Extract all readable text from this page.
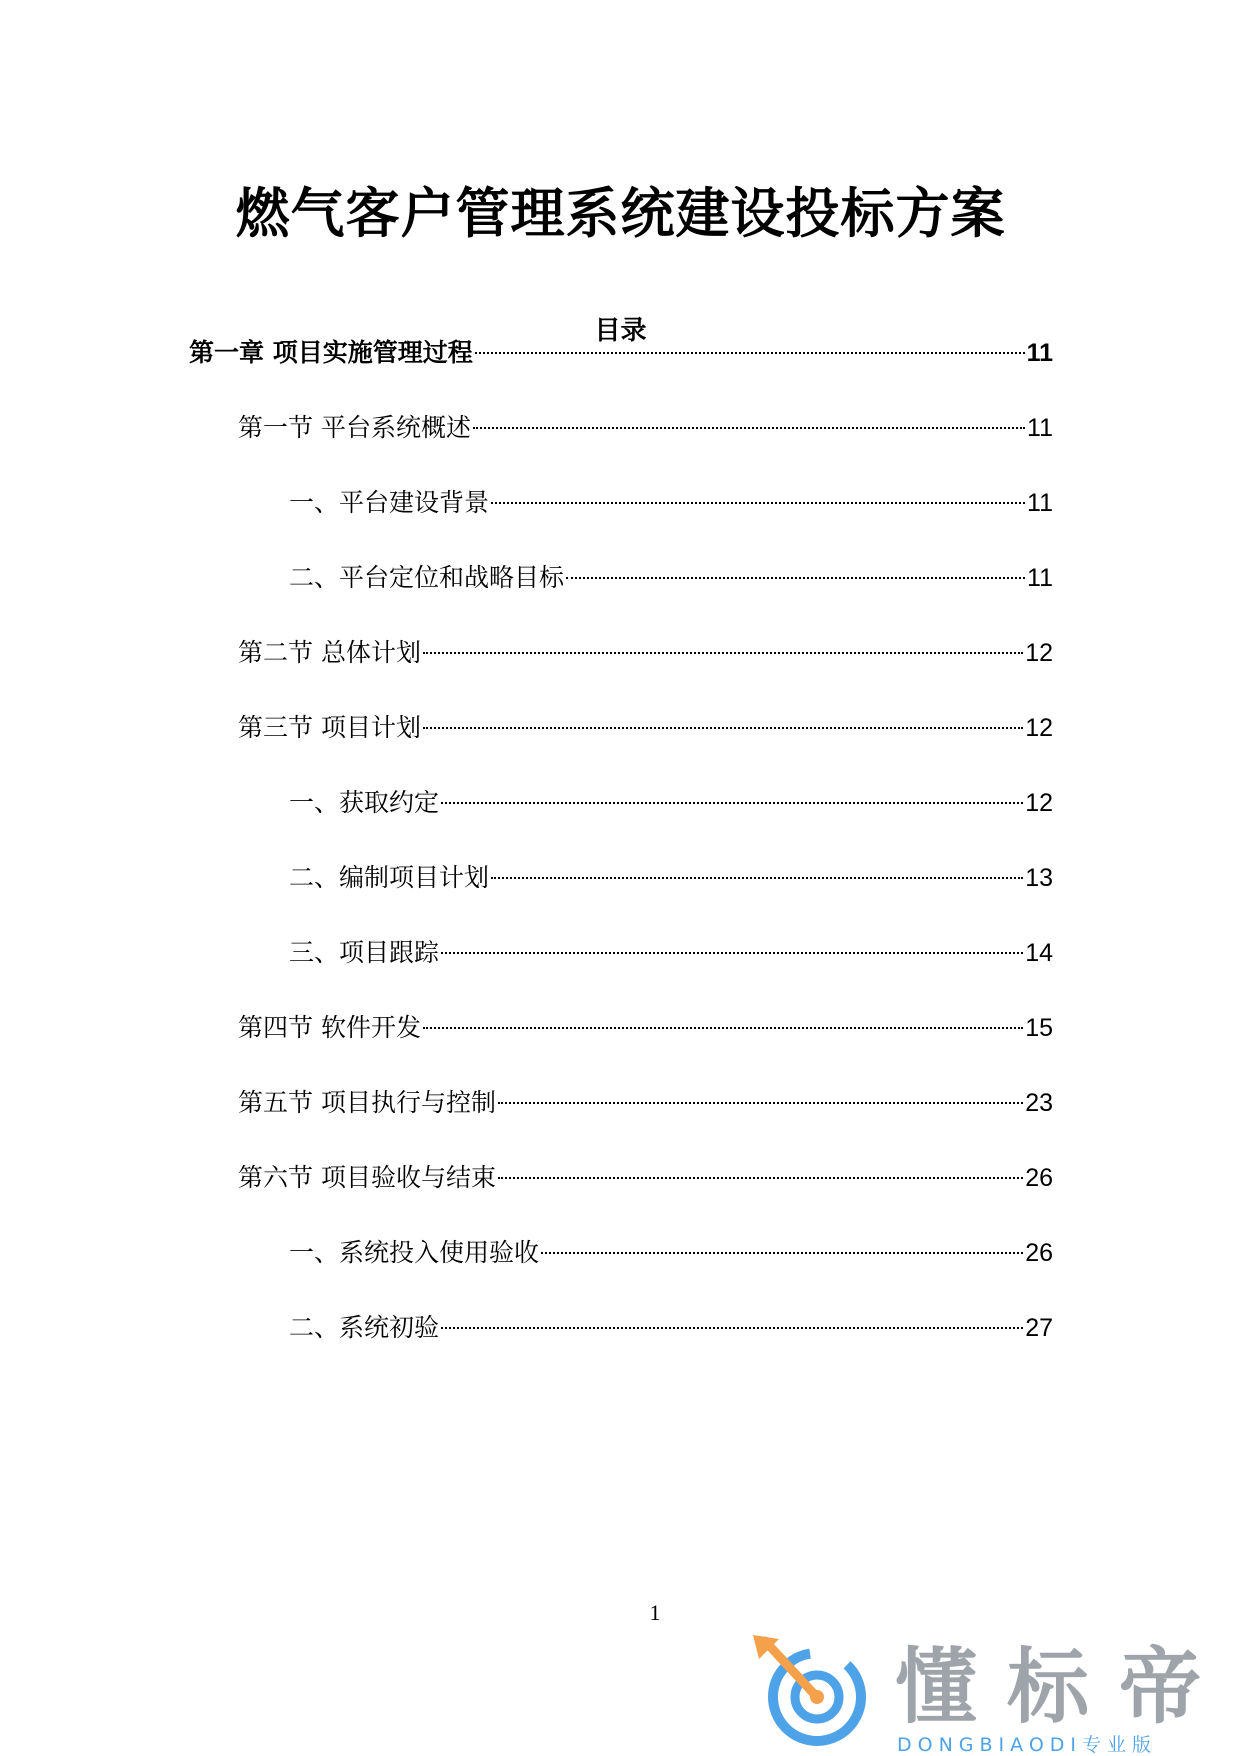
燃气客户管理系统建设投标方案
目录
第一章 项目实施管理过程	11
第一节 平台系统概述	11
一、平台建设背景	11
二、平台定位和战略目标	11
第二节 总体计划	12
第三节 项目计划	12
一、获取约定	12
二、编制项目计划	13
三、项目跟踪	14
第四节 软件开发	15
第五节 项目执行与控制	23
第六节 项目验收与结束	26
一、系统投入使用验收	26
二、系统初验	27
1
懂标帝
DONGBIAODI专业版
